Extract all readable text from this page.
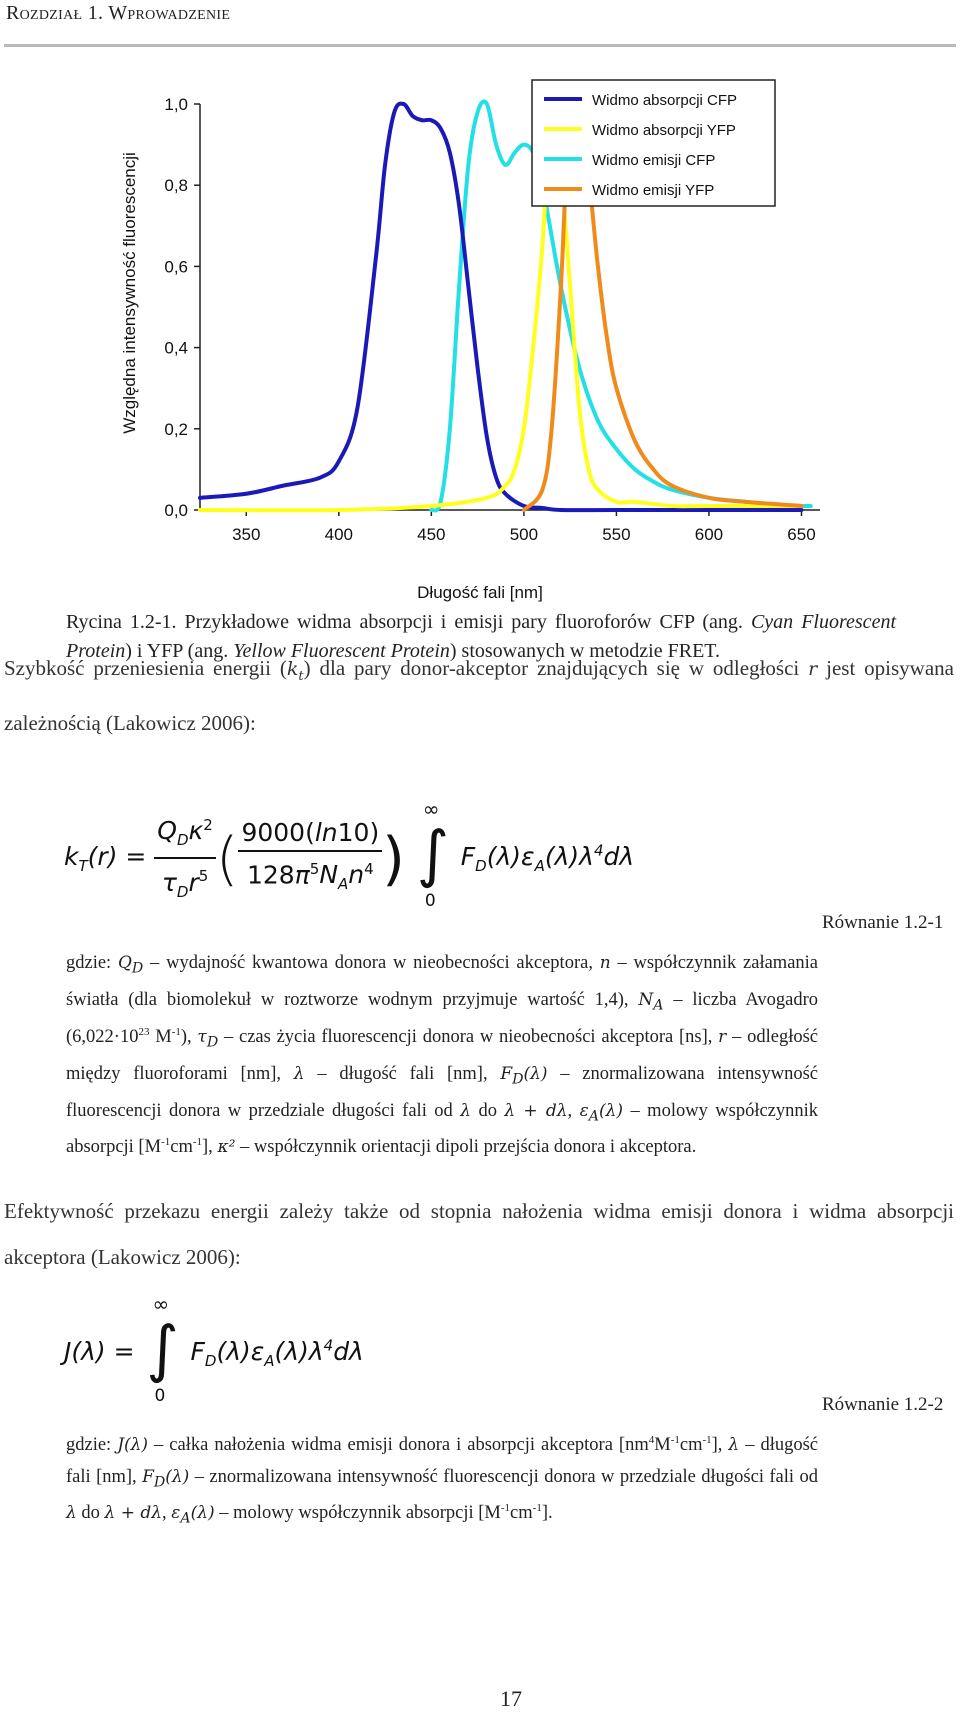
Rozdział 1. Wprowadzenie
0,0
0,2
0,4
0,6
0,8
1,0
350	400	450	500	550	600	650
Widmo absorpcji CFP
Widmo absorpcji YFP
Widmo emisji CFP
Widmo emisji YFP
Względna intensywność fluorescencji
Długość fali [nm]
Rycina 1.2-1. Przykładowe widma absorpcji i emisji pary fluoroforów CFP (ang. Cyan Fluorescent Protein) i YFP (ang. Yellow Fluorescent Protein) stosowanych w metodzie FRET.
Szybkość przeniesienia energii $(k_t)$ dla pary donor-akceptor znajdujących się w odległości r jest opisywana zależnością (Lakowicz 2006):
$k_T(r) = \frac{Q_D\kappa^2}{\tau_Dr^5}$ ( $\frac{9000(\ln 10)}{128\pi^5N_An^4}$ )
∞
∫
0
$F_D(\lambda)\varepsilon_A(\lambda)\lambda^4d\lambda$
Równanie 1.2-1
gdzie: $Q_D$ – wydajność kwantowa donora w nieobecności akceptora, n – współczynnik załamania światła (dla biomolekuł w roztworze wodnym przyjmuje wartość 1,4), $N_A$ – liczba Avogadro ($6,022\cdot 10^{23}$ $M^{-1}$), $\tau_D$ – czas życia fluorescencji donora w nieobecności akceptora [ns], r – odległość między fluoroforami [nm], λ – długość fali [nm], $F_D(\lambda)$ – znormalizowana intensywność fluorescencji donora w przedziale długości fali od λ do λ + dλ, $\varepsilon_A(\lambda)$ – molowy współczynnik absorpcji $[M^{-1}cm^{-1}]$, κ² – współczynnik orientacji dipoli przejścia donora i akceptora.
Efektywność przekazu energii zależy także od stopnia nałożenia widma emisji donora i widma absorpcji akceptora (Lakowicz 2006):
J(λ) =
∞
∫
0
$F_D(\lambda)\varepsilon_A(\lambda)\lambda^4d\lambda$
Równanie 1.2-2
gdzie: J(λ) – całka nałożenia widma emisji donora i absorpcji akceptora $[nm^4M^{-1}cm^{-1}]$, λ – długość fali [nm], $F_D(\lambda)$ – znormalizowana intensywność fluorescencji donora w przedziale długości fali od λ do λ + dλ, $\varepsilon_A(\lambda)$ – molowy współczynnik absorpcji $[M^{-1}cm^{-1}]$.
17
